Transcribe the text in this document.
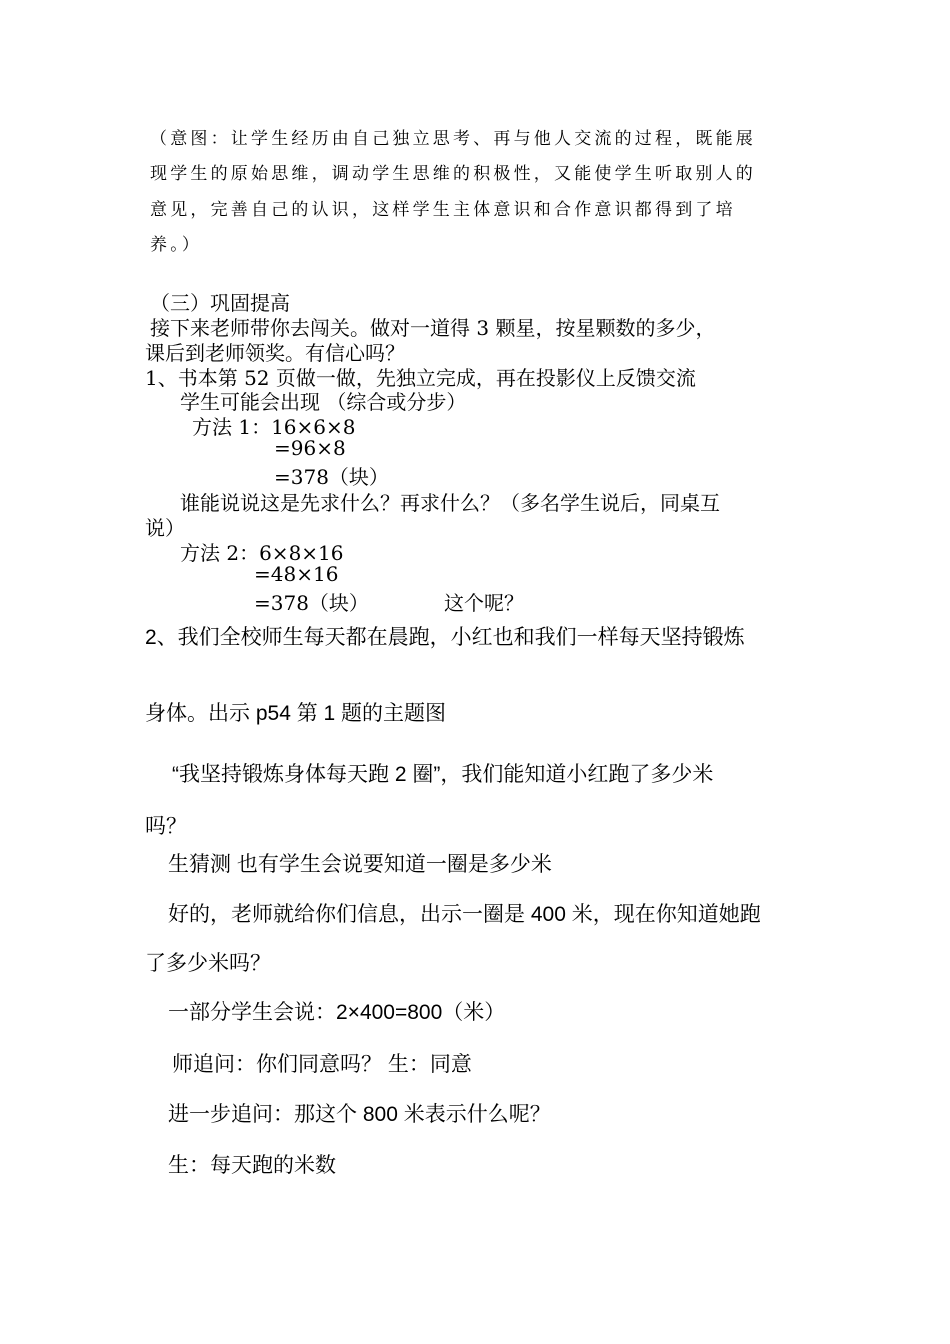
（意图：让学生经历由自己独立思考、再与他人交流的过程，既能展
现学生的原始思维，调动学生思维的积极性，又能使学生听取别人的
意见，完善自己的认识，这样学生主体意识和合作意识都得到了培
养。）
（三）巩固提高
接下来老师带你去闯关。做对一道得 3 颗星，按星颗数的多少，
课后到老师领奖。有信心吗？
1、书本第 52 页做一做，先独立完成，再在投影仪上反馈交流
学生可能会出现 （综合或分步）
方法 1：16×6×8
=96×8
=378（块）
谁能说说这是先求什么？再求什么？（多名学生说后，同桌互
说）
方法 2：6×8×16
=48×16
=378（块）	这个呢？
2、我们全校师生每天都在晨跑，小红也和我们一样每天坚持锻炼
身体。出示 p54 第 1 题的主题图
“我坚持锻炼身体每天跑 2 圈”，我们能知道小红跑了多少米
吗？
生猜测 也有学生会说要知道一圈是多少米
好的，老师就给你们信息，出示一圈是 400 米，现在你知道她跑
了多少米吗？
一部分学生会说：2×400=800（米）
师追问：你们同意吗？ 生：同意
进一步追问：那这个 800 米表示什么呢？
生：每天跑的米数
